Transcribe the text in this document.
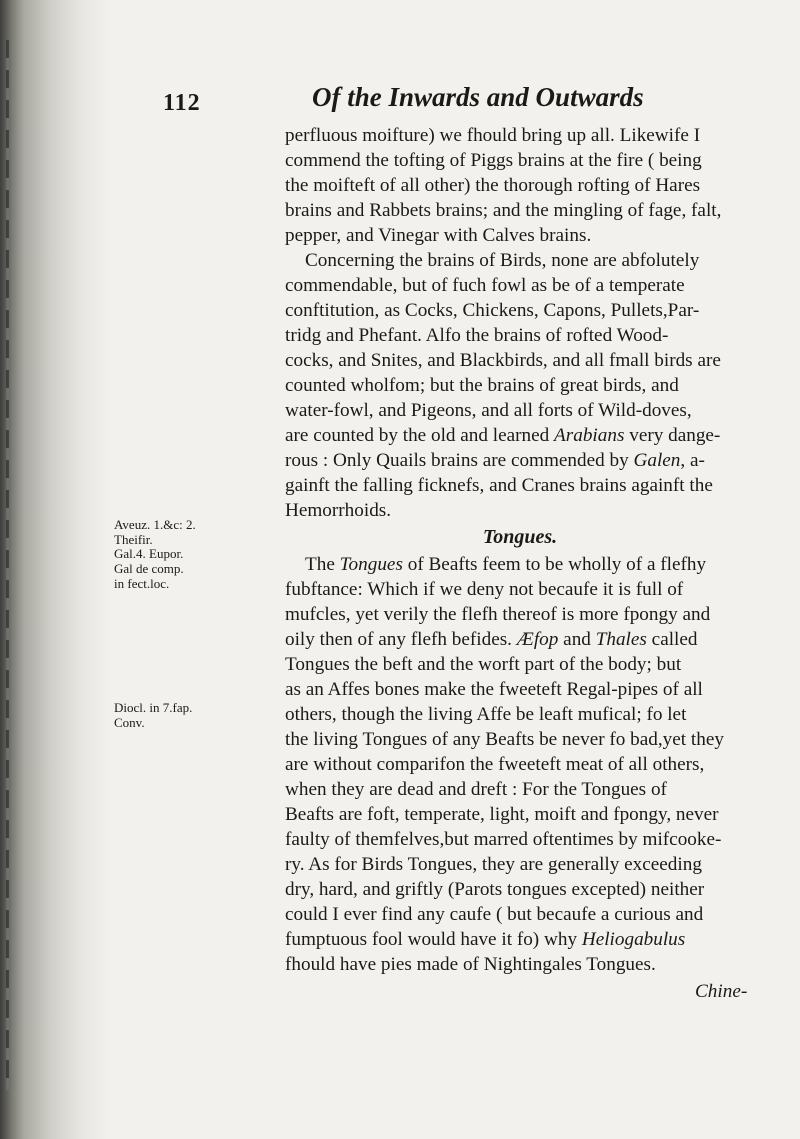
112	Of the Inwards and Outwards
Aveuz. 1.&c: 2.
Theifir.
Gal.4. Eupor.
Gal de comp.
in fect.loc.
Diocl. in 7.fap.
Conv.
perfluous moifture) we fhould bring up all. Likewife I
commend the tofting of Piggs brains at the fire ( being
the moifteft of all other) the thorough rofting of Hares
brains and Rabbets brains; and the mingling of fage, falt,
pepper, and Vinegar with Calves brains.
Concerning the brains of Birds, none are abfolutely
commendable, but of fuch fowl as be of a temperate
conftitution, as Cocks, Chickens, Capons, Pullets,Par-
tridg and Phefant. Alfo the brains of rofted Wood-
cocks, and Snites, and Blackbirds, and all fmall birds are
counted wholfom; but the brains of great birds, and
water-fowl, and Pigeons, and all forts of Wild-doves,
are counted by the old and learned Arabians very dange-
rous : Only Quails brains are commended by Galen, a-
gainft the falling ficknefs, and Cranes brains againft the
Hemorrhoids.
Tongues.
The Tongues of Beafts feem to be wholly of a flefhy
fubftance: Which if we deny not becaufe it is full of
mufcles, yet verily the flefh thereof is more fpongy and
oily then of any flefh befides. Æfop and Thales called
Tongues the beft and the worft part of the body; but
as an Affes bones make the fweeteft Regal-pipes of all
others, though the living Affe be leaft mufical; fo let
the living Tongues of any Beafts be never fo bad,yet they
are without comparifon the fweeteft meat of all others,
when they are dead and dreft : For the Tongues of
Beafts are foft, temperate, light, moift and fpongy, never
faulty of themfelves,but marred oftentimes by mifcooke-
ry. As for Birds Tongues, they are generally exceeding
dry, hard, and griftly (Parots tongues excepted) neither
could I ever find any caufe ( but becaufe a curious and
fumptuous fool would have it fo) why Heliogabulus
fhould have pies made of Nightingales Tongues.
Chine-
